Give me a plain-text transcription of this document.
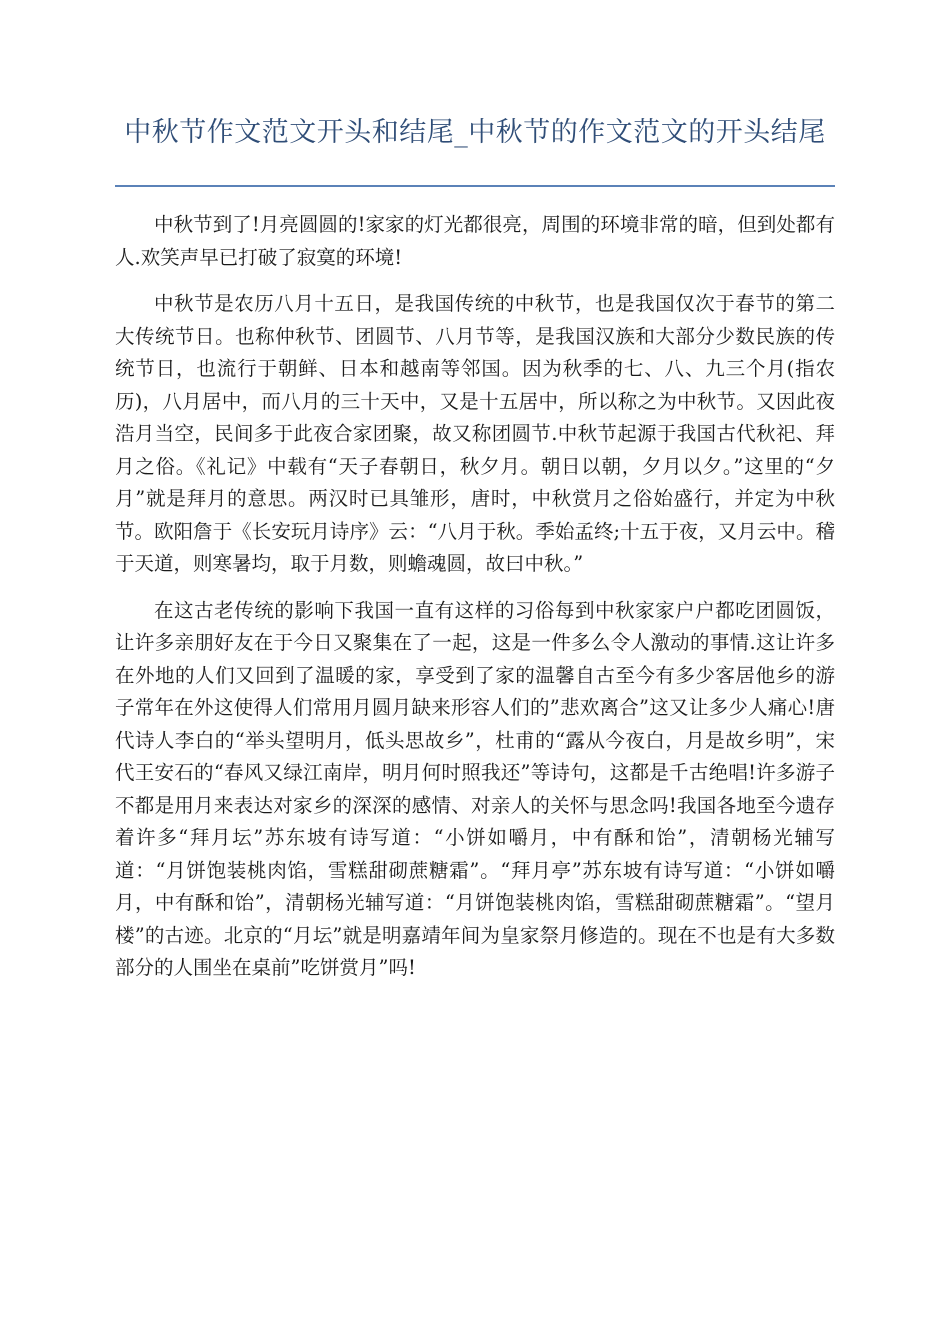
中秋节作文范文开头和结尾_中秋节的作文范文的开头结尾

中秋节到了!月亮圆圆的!家家的灯光都很亮，周围的环境非常的暗，但到处都有人.欢笑声早已打破了寂寞的环境!

中秋节是农历八月十五日，是我国传统的中秋节，也是我国仅次于春节的第二大传统节日。也称仲秋节、团圆节、八月节等，是我国汉族和大部分少数民族的传统节日，也流行于朝鲜、日本和越南等邻国。因为秋季的七、八、九三个月(指农历)，八月居中，而八月的三十天中，又是十五居中，所以称之为中秋节。又因此夜浩月当空，民间多于此夜合家团聚，故又称团圆节.中秋节起源于我国古代秋祀、拜月之俗。《礼记》中载有“天子春朝日，秋夕月。朝日以朝，夕月以夕。”这里的“夕月”就是拜月的意思。两汉时已具雏形，唐时，中秋赏月之俗始盛行，并定为中秋节。欧阳詹于《长安玩月诗序》云：“八月于秋。季始孟终;十五于夜，又月云中。稽于天道，则寒暑均，取于月数，则蟾魂圆，故曰中秋。”

在这古老传统的影响下我国一直有这样的习俗每到中秋家家户户都吃团圆饭，让许多亲朋好友在于今日又聚集在了一起，这是一件多么令人激动的事情.这让许多在外地的人们又回到了温暖的家，享受到了家的温馨自古至今有多少客居他乡的游子常年在外这使得人们常用月圆月缺来形容人们的”悲欢离合”这又让多少人痛心!唐代诗人李白的“举头望明月，低头思故乡”，杜甫的“露从今夜白，月是故乡明”，宋代王安石的“春风又绿江南岸，明月何时照我还”等诗句，这都是千古绝唱!许多游子不都是用月来表达对家乡的深深的感情、对亲人的关怀与思念吗!我国各地至今遗存着许多“拜月坛”苏东坡有诗写道：“小饼如嚼月，中有酥和饴”，清朝杨光辅写道：“月饼饱装桃肉馅，雪糕甜砌蔗糖霜”。“拜月亭”苏东坡有诗写道：“小饼如嚼月，中有酥和饴”，清朝杨光辅写道：“月饼饱装桃肉馅，雪糕甜砌蔗糖霜”。“望月楼”的古迹。北京的“月坛”就是明嘉靖年间为皇家祭月修造的。现在不也是有大多数部分的人围坐在桌前”吃饼赏月”吗!
